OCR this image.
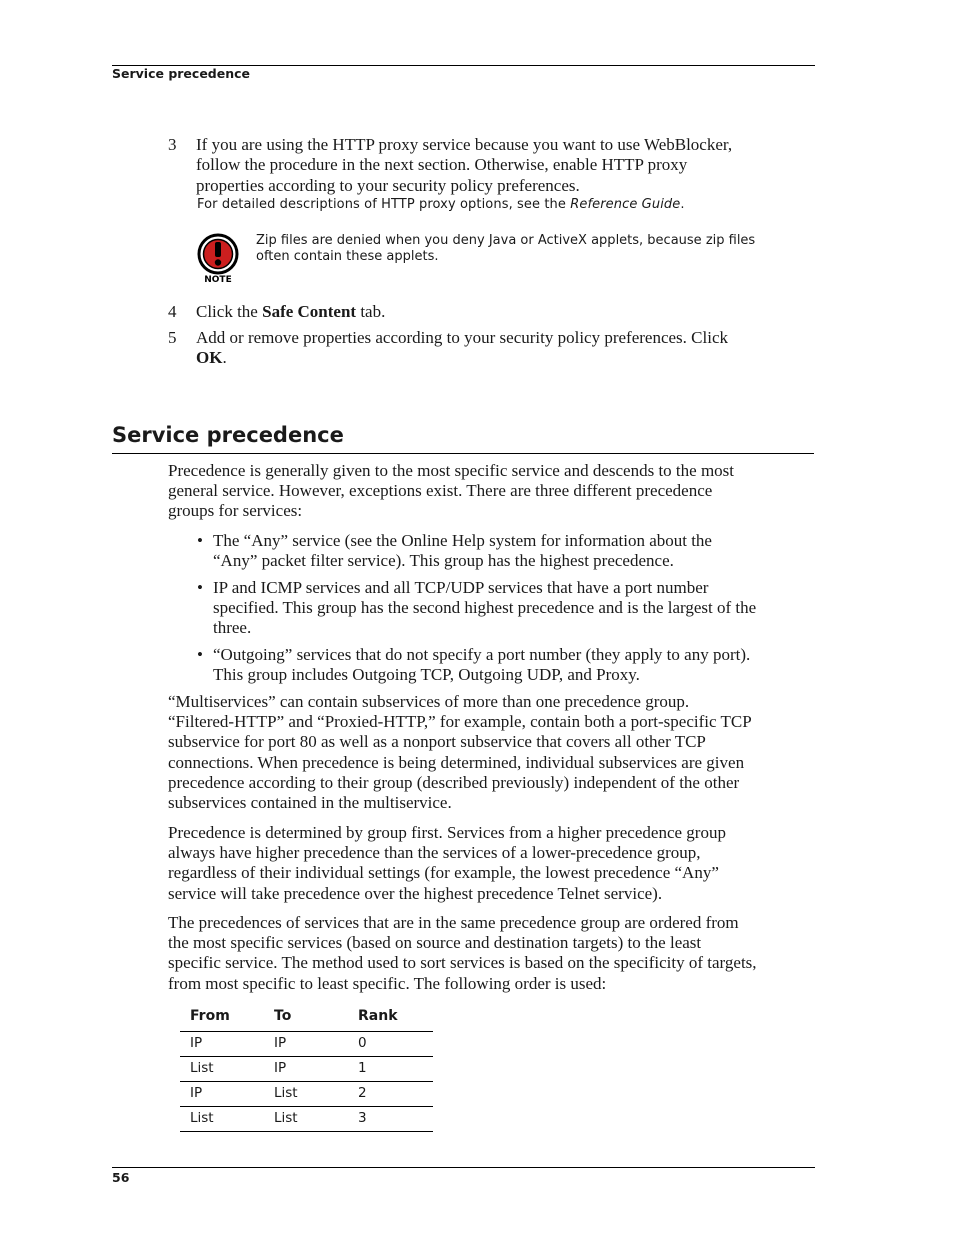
Service precedence
3 If you are using the HTTP proxy service because you want to use WebBlocker,
follow the procedure in the next section. Otherwise, enable HTTP proxy
properties according to your security policy preferences.
For detailed descriptions of HTTP proxy options, see the Reference Guide.
NOTE
Zip files are denied when you deny Java or ActiveX applets, because zip files
often contain these applets.
4 Click the Safe Content tab.
5 Add or remove properties according to your security policy preferences. Click
OK.
Service precedence
Precedence is generally given to the most specific service and descends to the most
general service. However, exceptions exist. There are three different precedence
groups for services:
• The “Any” service (see the Online Help system for information about the
“Any” packet filter service). This group has the highest precedence.
• IP and ICMP services and all TCP/UDP services that have a port number
specified. This group has the second highest precedence and is the largest of the
three.
• “Outgoing” services that do not specify a port number (they apply to any port).
This group includes Outgoing TCP, Outgoing UDP, and Proxy.
“Multiservices” can contain subservices of more than one precedence group.
“Filtered-HTTP” and “Proxied-HTTP,” for example, contain both a port-specific TCP
subservice for port 80 as well as a nonport subservice that covers all other TCP
connections. When precedence is being determined, individual subservices are given
precedence according to their group (described previously) independent of the other
subservices contained in the multiservice.
Precedence is determined by group first. Services from a higher precedence group
always have higher precedence than the services of a lower-precedence group,
regardless of their individual settings (for example, the lowest precedence “Any”
service will take precedence over the highest precedence Telnet service).
The precedences of services that are in the same precedence group are ordered from
the most specific services (based on source and destination targets) to the least
specific service. The method used to sort services is based on the specificity of targets,
from most specific to least specific. The following order is used:
From	To	Rank
IP	IP	0
List	IP	1
IP	List	2
List	List	3
56
